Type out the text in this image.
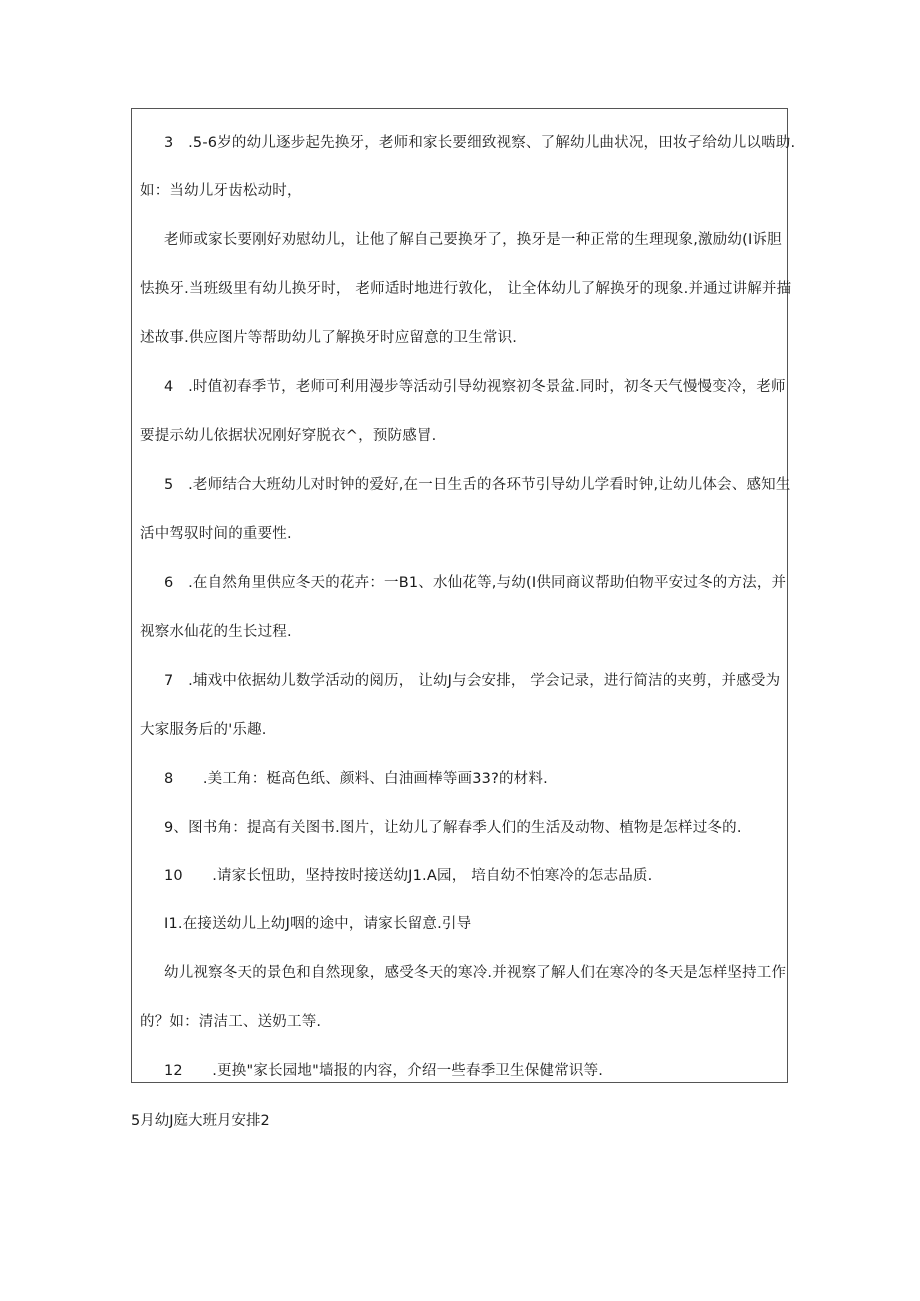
3　.5-6岁的幼儿逐步起先换牙，老师和家长要细致视察、了解幼儿曲状况，田妆孑给幼儿以啮助.
如：当幼儿牙齿松动时，
老师或家长要刚好劝慰幼儿，让他了解自己要换牙了，换牙是一种正常的生理现象,激励幼(I诉胆
怯换牙.当班级里有幼儿换牙时， 老师适时地进行敦化， 让全体幼儿了解换牙的现象.并通过讲解并描
述故事.供应图片等帮助幼儿了解换牙时应留意的卫生常识.
4　.时值初春季节，老师可利用漫步等活动引导幼视察初冬景盆.同时，初冬天气慢慢变冷，老师
要提示幼儿依据状况刚好穿脱衣^，预防感冒.
5　.老师结合大班幼儿对时钟的爱好,在一日生舌的各环节引导幼儿学看时钟,让幼儿体会、感知生
活中驾驭时间的重要性.
6　.在自然角里供应冬天的花卉：一B1、水仙花等,与幼(I供同商议帮助伯物平安过冬的方法，并
视察水仙花的生长过程.
7　.埔戏中依据幼儿数学活动的阅历， 让幼J与会安排， 学会记录，进行简洁的夹剪，并感受为
大家服务后的'乐趣.
8　　.美工角：梃高色纸、颜料、白油画棒等画33?的材料.
9、图书角：提高有关图书.图片，让幼儿了解春季人们的生活及动物、植物是怎样过冬的.
10　　.请家长忸助，坚持按时接送幼J1.A园， 培自幼不怕寒冷的怎志品质.
I1.在接送幼儿上幼J咽的途中，请家长留意.引导
幼儿视察冬天的景色和自然现象，感受冬天的寒冷.并视察了解人们在寒冷的冬天是怎样坚持工作
的？如：清洁工、送奶工等.
12　　.更换"家长园地"墙报的内容，介绍一些春季卫生保健常识等.
5月幼J庭大班月安排2
